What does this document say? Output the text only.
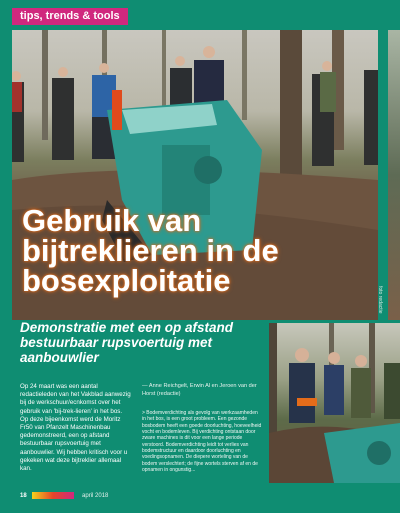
tips, trends & tools
Gebruik van
bijtreklieren in de
bosexploitatie
foto redactie
Demonstratie met een op afstand bestuurbaar rupsvoertuig met aanbouwlier
Op 24 maart was een aantal redactieleden van het Vakblad aanwezig bij de werkschuur/ecnkomst over het gebruik van 'bij-trek-lieren' in het bos. Op deze bijeenkomst werd de Moritz Fr50 van Pfanzelt Maschinenbau gedemonstreerd, een op afstand bestuurbaar rupsvoertuig met aanbouwlier. Wij hebben kritisch voor u gekeken wat deze bijtreklier allemaal kan.
— Anne Reichgelt, Erwin Al en Jeroen van der Horst (redactie)

> Bodemverdichting als gevolg van werkzaamheden in het bos, is een groot probleem. Een gezonde bosbodem heeft een goede doorluchting, hoeveelheid vocht en bodemleven. Bij verdichting ontstaan door zware machines is dit voor een lange periode verstoord. Bodemverdichting leidt tot verlies van bodemstructuur en daardoor doorluchting en voedingsopnamen. De diepere worteling van de bodem verslechtert; de fijne wortels sterven af en de opnamen in ongunstig...

18	april 2018
